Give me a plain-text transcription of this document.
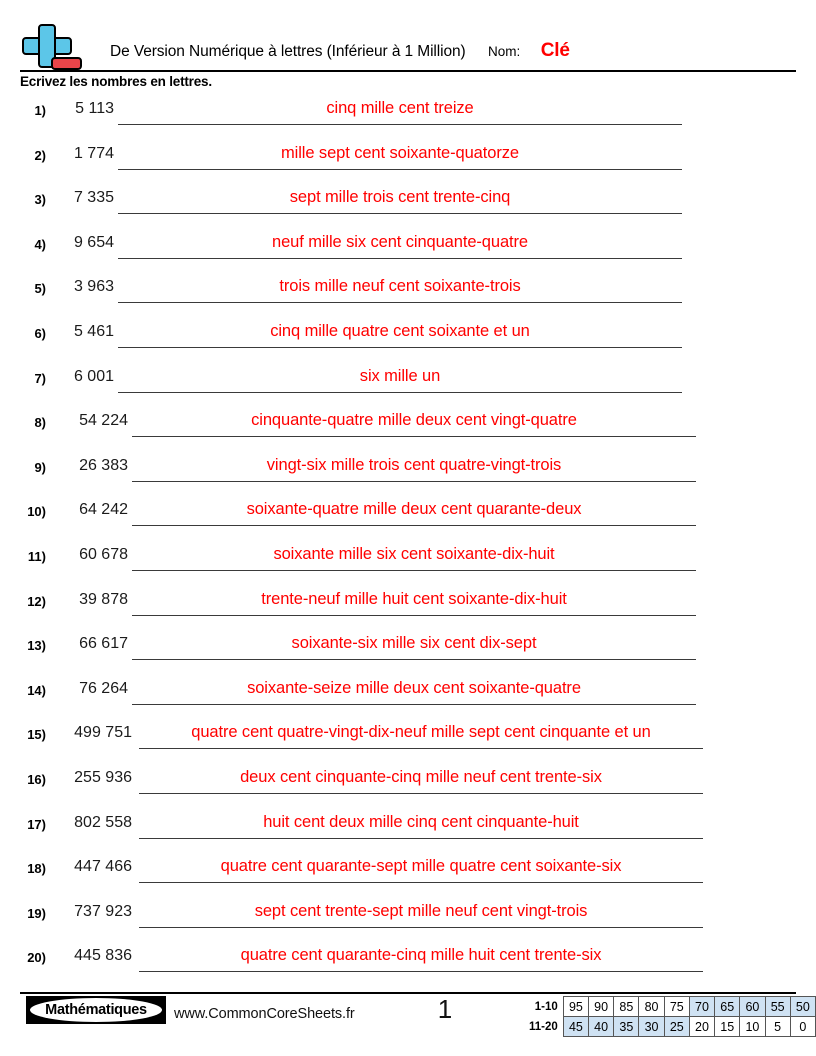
De Version Numérique à lettres (Inférieur à 1 Million) Nom: Clé
Ecrivez les nombres en lettres.
1)	5 113	cinq mille cent treize
2)	1 774	mille sept cent soixante-quatorze
3)	7 335	sept mille trois cent trente-cinq
4)	9 654	neuf mille six cent cinquante-quatre
5)	3 963	trois mille neuf cent soixante-trois
6)	5 461	cinq mille quatre cent soixante et un
7)	6 001	six mille un
8)	54 224	cinquante-quatre mille deux cent vingt-quatre
9)	26 383	vingt-six mille trois cent quatre-vingt-trois
10)	64 242	soixante-quatre mille deux cent quarante-deux
11)	60 678	soixante mille six cent soixante-dix-huit
12)	39 878	trente-neuf mille huit cent soixante-dix-huit
13)	66 617	soixante-six mille six cent dix-sept
14)	76 264	soixante-seize mille deux cent soixante-quatre
15)	499 751	quatre cent quatre-vingt-dix-neuf mille sept cent cinquante et un
16)	255 936	deux cent cinquante-cinq mille neuf cent trente-six
17)	802 558	huit cent deux mille cinq cent cinquante-huit
18)	447 466	quatre cent quarante-sept mille quatre cent soixante-six
19)	737 923	sept cent trente-sept mille neuf cent vingt-trois
20)	445 836	quatre cent quarante-cinq mille huit cent trente-six
Mathématiques www.CommonCoreSheets.fr	1	1-10	95	90	85	80	75	70	65	60	55	50
11-20	45	40	35	30	25	20	15	10	5	0
